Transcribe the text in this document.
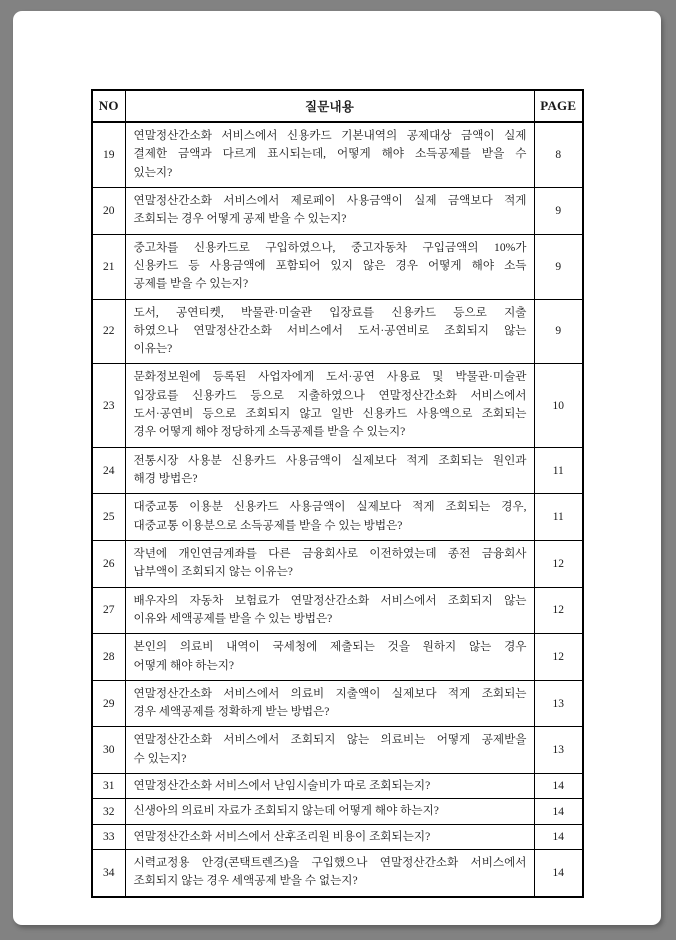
NO	질문내용	PAGE
19	연말정산간소화 서비스에서 신용카드 기본내역의 공제대상 금액이 실제
결제한 금액과 다르게 표시되는데, 어떻게 해야 소득공제를 받을 수
있는지?	8
20	연말정산간소화 서비스에서 제로페이 사용금액이 실제 금액보다 적게
조회되는 경우 어떻게 공제 받을 수 있는지?	9
21	중고차를 신용카드로 구입하였으나, 중고자동차 구입금액의 10%가
신용카드 등 사용금액에 포함되어 있지 않은 경우 어떻게 해야 소득
공제를 받을 수 있는지?	9
22	도서, 공연티켓, 박물관·미술관 입장료를 신용카드 등으로 지출
하였으나 연말정산간소화 서비스에서 도서·공연비로 조회되지 않는
이유는?	9
23	문화정보원에 등록된 사업자에게 도서·공연 사용료 및 박물관·미술관
입장료를 신용카드 등으로 지출하였으나 연말정산간소화 서비스에서
도서·공연비 등으로 조회되지 않고 일반 신용카드 사용액으로 조회되는
경우 어떻게 해야 정당하게 소득공제를 받을 수 있는지?	10
24	전통시장 사용분 신용카드 사용금액이 실제보다 적게 조회되는 원인과
해경 방법은?	11
25	대중교통 이용분 신용카드 사용금액이 실제보다 적게 조회되는 경우,
대중교통 이용분으로 소득공제를 받을 수 있는 방법은?	11
26	작년에 개인연금계좌를 다른 금융회사로 이전하였는데 종전 금융회사
납부액이 조회되지 않는 이유는?	12
27	배우자의 자동차 보험료가 연말정산간소화 서비스에서 조회되지 않는
이유와 세액공제를 받을 수 있는 방법은?	12
28	본인의 의료비 내역이 국세청에 제출되는 것을 원하지 않는 경우
어떻게 해야 하는지?	12
29	연말정산간소화 서비스에서 의료비 지출액이 실제보다 적게 조회되는
경우 세액공제를 정확하게 받는 방법은?	13
30	연말정산간소화 서비스에서 조회되지 않는 의료비는 어떻게 공제받을
수 있는지?	13
31	연말정산간소화 서비스에서 난임시술비가 따로 조회되는지?	14
32	신생아의 의료비 자료가 조회되지 않는데 어떻게 해야 하는지?	14
33	연말정산간소화 서비스에서 산후조리원 비용이 조회되는지?	14
34	시력교정용 안경(콘택트렌즈)을 구입했으나 연말정산간소화 서비스에서
조회되지 않는 경우 세액공제 받을 수 없는지?	14
